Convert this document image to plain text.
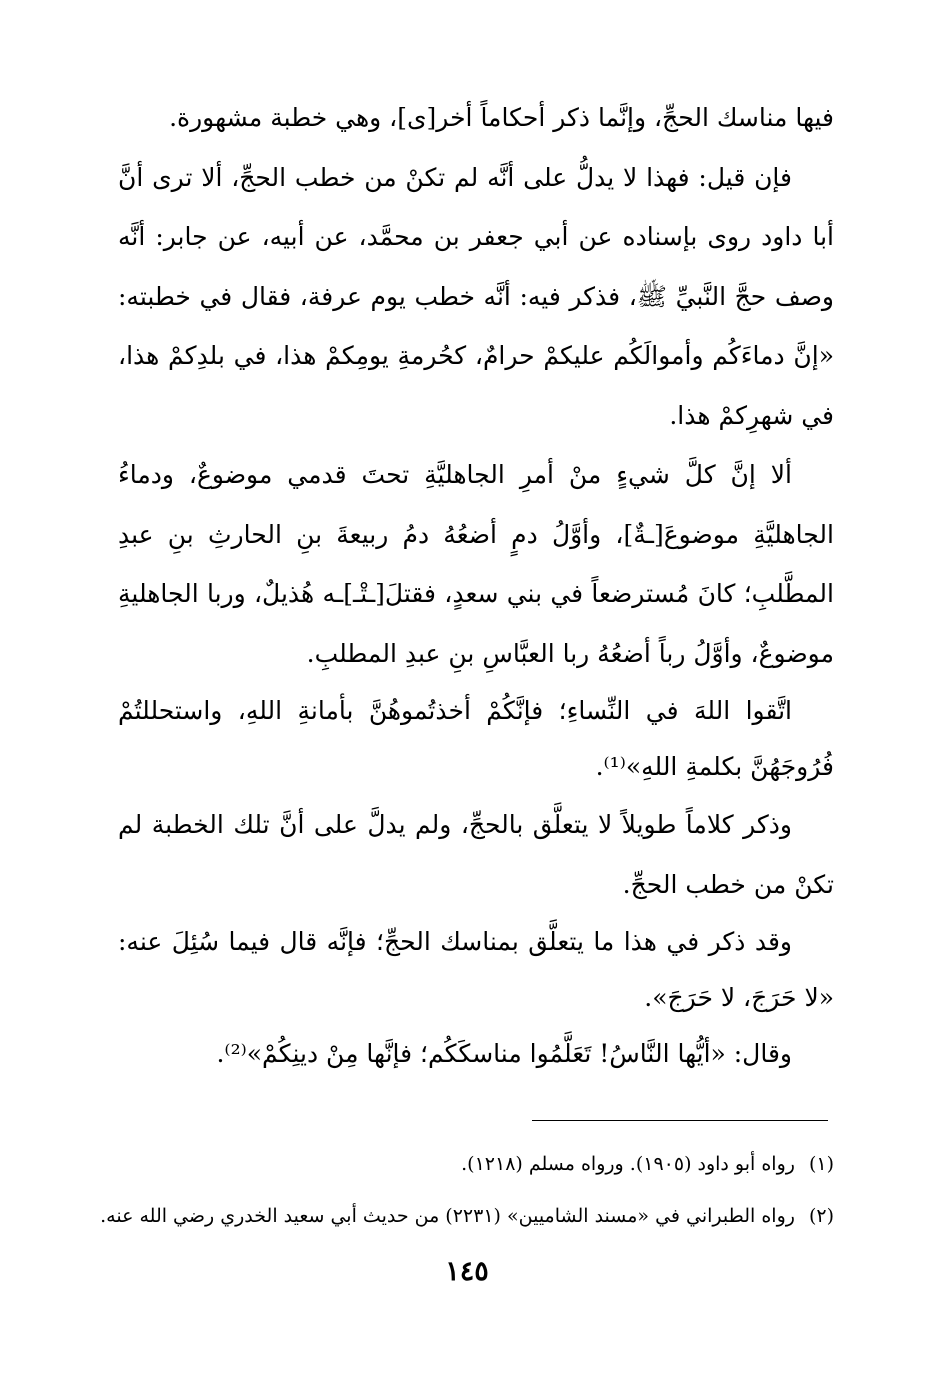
فيها مناسك الحجِّ، وإنَّما ذكر أحكاماً أخر[ى]، وهي خطبة مشهورة.

فإن قيل: فهذا لا يدلُّ على أنَّه لم تكنْ من خطب الحجِّ، ألا ترى أنَّ أبا داود روى بإسناده عن أبي جعفر بن محمَّد، عن أبيه، عن جابر: أنَّه وصف حجَّ النَّبيِّ ﷺ، فذكر فيه: أنَّه خطب يوم عرفة، فقال في خطبته: «إنَّ دماءَكُم وأموالَكُم عليكمْ حرامٌ، كحُرمةِ يومِكمْ هذا، في بلدِكمْ هذا، في شهرِكمْ هذا.

ألا إنَّ كلَّ شيءٍ منْ أمرِ الجاهليَّةِ تحتَ قدمي موضوعٌ، ودماءُ الجاهليَّةِ موضوعَ[ـةٌ]، وأوَّلُ دمٍ أضعُهُ دمُ ربيعةَ بنِ الحارثِ بنِ عبدِ المطَّلبِ؛ كانَ مُسترضعاً في بني سعدٍ، فقتلَ[ـتْـ]ـه هُذيلٌ، وربا الجاهليةِ موضوعٌ، وأوَّلُ رباً أضعُهُ ربا العبَّاسِ بنِ عبدِ المطلبِ.

اتَّقوا اللهَ في النِّساءِ؛ فإنَّكُمْ أخذتُموهُنَّ بأمانةِ اللهِ، واستحللتُمْ فُرُوجَهُنَّ بكلمةِ اللهِ»⁽¹⁾.

وذكر كلاماً طويلاً لا يتعلَّق بالحجِّ، ولم يدلَّ على أنَّ تلك الخطبة لم تكنْ من خطب الحجِّ.

وقد ذكر في هذا ما يتعلَّق بمناسك الحجِّ؛ فإنَّه قال فيما سُئِلَ عنه: «لا حَرَجَ، لا حَرَجَ».

وقال: «أيُّها النَّاسُ! تَعَلَّمُوا مناسكَكُم؛ فإنَّها مِنْ دينِكُمْ»⁽²⁾.

(١)رواه أبو داود (١٩٠٥). ورواه مسلم (١٢١٨).

(٢)رواه الطبراني في «مسند الشاميين» (٢٢٣١) من حديث أبي سعيد الخدري رضي الله عنه.

١٤٥
